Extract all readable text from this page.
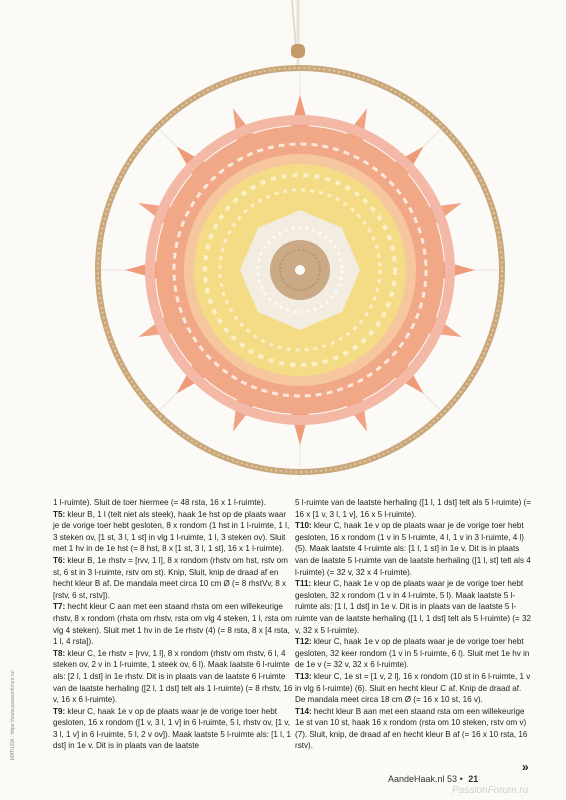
MATILDA · https://www.passionforum.ru/

1 l-ruimte). Sluit de toer hiermee (= 48 rsta, 16 x 1 l-ruimte).

T5: kleur B, 1 l (telt niet als steek), haak 1e hst op de plaats waar je de vorige toer hebt gesloten, 8 x rondom (1 hst in 1 l-ruimte, 1 l, 3 steken ov, [1 st, 3 l, 1 st] in vlg 1 l-ruimte, 1 l, 3 steken ov). Sluit met 1 hv in de 1e hst (= 8 hst, 8 x [1 st, 3 l, 1 st], 16 x 1 l-ruimte).

T6: kleur B, 1e rhstv = [rvv, 1 l], 8 x rondom (rhstv om hst, rstv om st, 6 st in 3 l-ruimte, rstv om st). Knip, Sluit, knip de draad af en hecht kleur B af. De mandala meet circa 10 cm Ø (= 8 rhstVv, 8 x [rstv, 6 st, rstv]).

T7: hecht kleur C aan met een staand rhsta om een willekeurige rhstv, 8 x rondom (rhsta om rhstv, rsta om vlg 4 steken, 1 l, rsta om vlg 4 steken). Sluit met 1 hv in de 1e rhstv (4) (= 8 rsta, 8 x [4 rsta, 1 l, 4 rsta]).

T8: kleur C, 1e rhstv = [rvv, 1 l], 8 x rondom (rhstv om rhstv, 6 l, 4 steken ov, 2 v in 1 l-ruimte, 1 steek ov, 6 l). Maak laatste 6 l-ruimte als: [2 l, 1 dst] in 1e rhstv. Dit is in plaats van de laatste 6 l-ruimte van de laatste herhaling ([2 l, 1 dst] telt als 1 l-ruimte) (= 8 rhstv, 16 v, 16 x 6 l-ruimte).

T9: kleur C, haak 1e v op de plaats waar je de vorige toer hebt gesloten, 16 x rondom ([1 v, 3 l, 1 v] in 6 l-ruimte, 5 l, rhstv ov, [1 v, 3 l, 1 v] in 6 l-ruimte, 5 l, 2 v ov]). Maak laatste 5 l-ruimte als: [1 l, 1 dst] in 1e v. Dit is in plaats van de laatste

5 l-ruimte van de laatste herhaling ([1 l, 1 dst] telt als 5 l-ruimte) (= 16 x [1 v, 3 l, 1 v], 16 x 5 l-ruimte).

T10: kleur C, haak 1e v op de plaats waar je de vorige toer hebt gesloten, 16 x rondom (1 v in 5 l-ruimte, 4 l, 1 v in 3 l-ruimte, 4 l) (5). Maak laatste 4 l-ruimte als: [1 l, 1 st] in 1e v. Dit is in plaats van de laatste 5 l-ruimte van de laatste herhaling ([1 l, st] telt als 4 l-ruimte) (= 32 v, 32 x 4 l-ruimte).

T11: kleur C, haak 1e v op de plaats waar je de vorige toer hebt gesloten, 32 x rondom (1 v in 4 l-ruimte, 5 l). Maak laatste 5 l-ruimte als: [1 l, 1 dst] in 1e v. Dit is in plaats van de laatste 5 l-ruimte van de laatste herhaling ([1 l, 1 dst] telt als 5 l-ruimte) (= 32 v, 32 x 5 l-ruimte).

T12: kleur C, haak 1e v op de plaats waar je de vorige toer hebt gesloten, 32 keer rondom (1 v in 5 l-ruimte, 6 l). Sluit met 1e hv in de 1e v (= 32 v, 32 x 6 l-ruimte).

T13: kleur C, 1e st = [1 v, 2 l], 16 x rondom (10 st in 6 l-ruimte, 1 v in vlg 6 l-ruimte) (6). Sluit en hecht kleur C af. Knip de draad af. De mandala meet circa 18 cm Ø (= 16 x 10 st, 16 v).

T14: hecht kleur B aan met een staand rsta om een willekeurige 1e st van 10 st, haak 16 x rondom (rsta om 10 steken, rstv om v) (7). Sluit, knip, de draad af en hecht kleur B af (= 16 x 10 rsta, 16 rstv).

»
AandeHaak.nl 53 • 21
PassionForum.ru
